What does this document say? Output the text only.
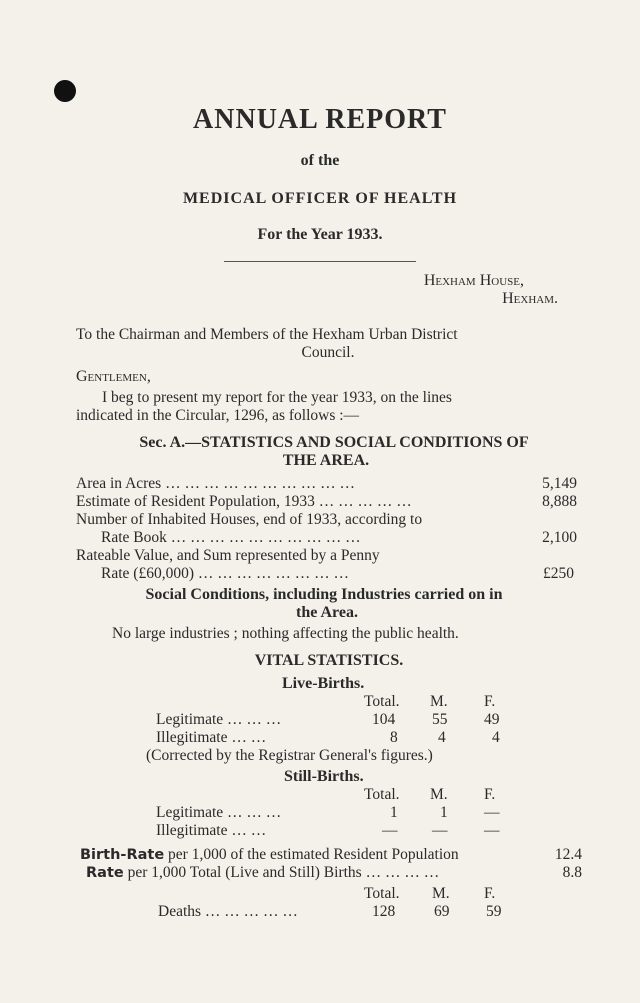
ANNUAL REPORT
of the
MEDICAL OFFICER OF HEALTH
For the Year 1933.
Hexham House,
Hexham.
To the Chairman and Members of the Hexham Urban District
Council.
Gentlemen,
I beg to present my report for the year 1933, on the lines
indicated in the Circular, 1296, as follows :—
Sec. A.—STATISTICS AND SOCIAL CONDITIONS OF
THE AREA.
Area in Acres … … … … … … … … … …	5,149
Estimate of Resident Population, 1933 … … … … …	8,888
Number of Inhabited Houses, end of 1933, according to
Rate Book … … … … … … … … … …	2,100
Rateable Value, and Sum represented by a Penny
Rate (£60,000) … … … … … … … …	£250
Social Conditions, including Industries carried on in
the Area.
No large industries ; nothing affecting the public health.
VITAL STATISTICS.
Live-Births.
Total. M. F.
Legitimate … … …	104 55 49
Illegitimate … …	8	4	4
(Corrected by the Registrar General's figures.)
Still-Births.
Total. M. F.
Legitimate … … …	1	1 —
Illegitimate … …	— — —
Birth-Rate per 1,000 of the estimated Resident Population	12.4
Rate per 1,000 Total (Live and Still) Births … … … …	8.8
Total. M. F.
Deaths … … … … …	128	69 59
